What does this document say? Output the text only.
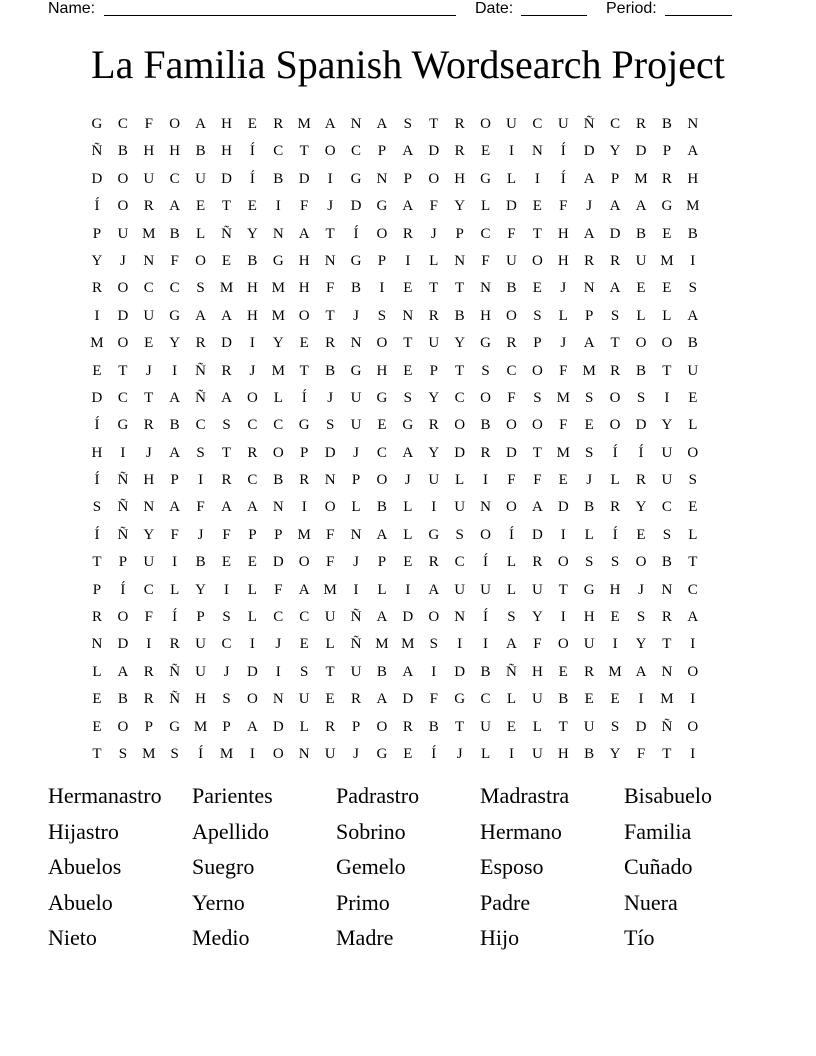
Name:	Date:	Period:
La Familia Spanish Wordsearch Project
G	C	F	O	A	H	E	R M A	N	A	S	T	R	O	U	C	U	Ñ	C	R	B	N
Ñ	B	H	H	B	H	Í	C	T	O	C	P	A	D	R	E	I	N	Í	D	Y	D	P	A
D	O	U	C	U	D	Í	B	D	I	G	N	P	O	H	G	L	I	Í	A	P	M R	H
Í	O	R	A	E	T	E	I	F	J	D	G	A	F	Y	L	D	E	F	J	A	A	G M
P	U M B	L	Ñ	Y	N	A	T	Í	O	R	J	P	C	F	T	H	A	D	B	E	B
Y	J	N	F	O	E	B	G	H	N	G	P	I	L	N	F	U	O	H	R	R	U M	I
R	O	C	C	S	M H M H	F	B	I	E	T	T	N	B	E	J	N	A	E	E	S
I	D	U	G	A	A	H M O	T	J	S	N	R	B	H	O	S	L	P	S	L	L	A
M O	E	Y	R	D	I	Y	E	R	N	O	T	U	Y	G	R	P	J	A	T	O	O	B
E	T	J	I	Ñ	R	J	M T	B	G	H	E	P	T	S	C	O	F	M R	B	T	U
D	C	T	A	Ñ	A	O	L	Í	J	U	G	S	Y	C	O	F	S	M	S	O	S	I	E
Í	G	R	B	C	S	C	C	G	S	U	E	G	R	O	B	O	O	F	E	O	D	Y	L
H	I	J	A	S	T	R	O	P	D	J	C	A	Y	D	R	D	T M	S	Í	Í	U	O
Í	Ñ	H	P	I	R	C	B	R	N	P	O	J	U	L	I	F	F	E	J	L	R	U	S
S	Ñ	N	A	F	A	A	N	I	O	L	B	L	I	U	N	O	A	D	B	R	Y	C	E
Í	Ñ	Y	F	J	F	P	P	M	F	N	A	L	G	S	O	Í	D	I	L	Í	E	S	L
T	P	U	I	B	E	E	D	O	F	J	P	E	R	C	Í	L	R	O	S	S	O	B	T
P	Í	C	L	Y	I	L	F	A M	I	L	I	A	U	U	L	U	T	G	H	J	N	C
R	O	F	Í	P	S	L	C	C	U	Ñ	A	D	O	N	Í	S	Y	I	H	E	S	R	A
N	D	I	R	U	C	I	J	E	L	Ñ M M	S	I	I	A	F	O	U	I	Y	T	I
L	A	R	Ñ	U	J	D	I	S	T	U	B	A	I	D	B	Ñ	H	E	R M A	N	O
E	B	R	Ñ	H	S	O	N	U	E	R	A	D	F	G	C	L	U	B	E	E	I	M	I
E	O	P	G M	P	A	D	L	R	P	O	R	B	T	U	E	L	T	U	S	D	Ñ	O
T	S	M	S	Í	M	I	O	N	U	J	G	E	Í	J	L	I	U	H	B	Y	F	T	I
Hermanastro	Parientes	Padrastro	Madrastra	Bisabuelo
Hijastro	Apellido	Sobrino	Hermano	Familia
Abuelos	Suegro	Gemelo	Esposo	Cuñado
Abuelo	Yerno	Primo	Padre	Nuera
Nieto	Medio	Madre	Hijo	Tío
